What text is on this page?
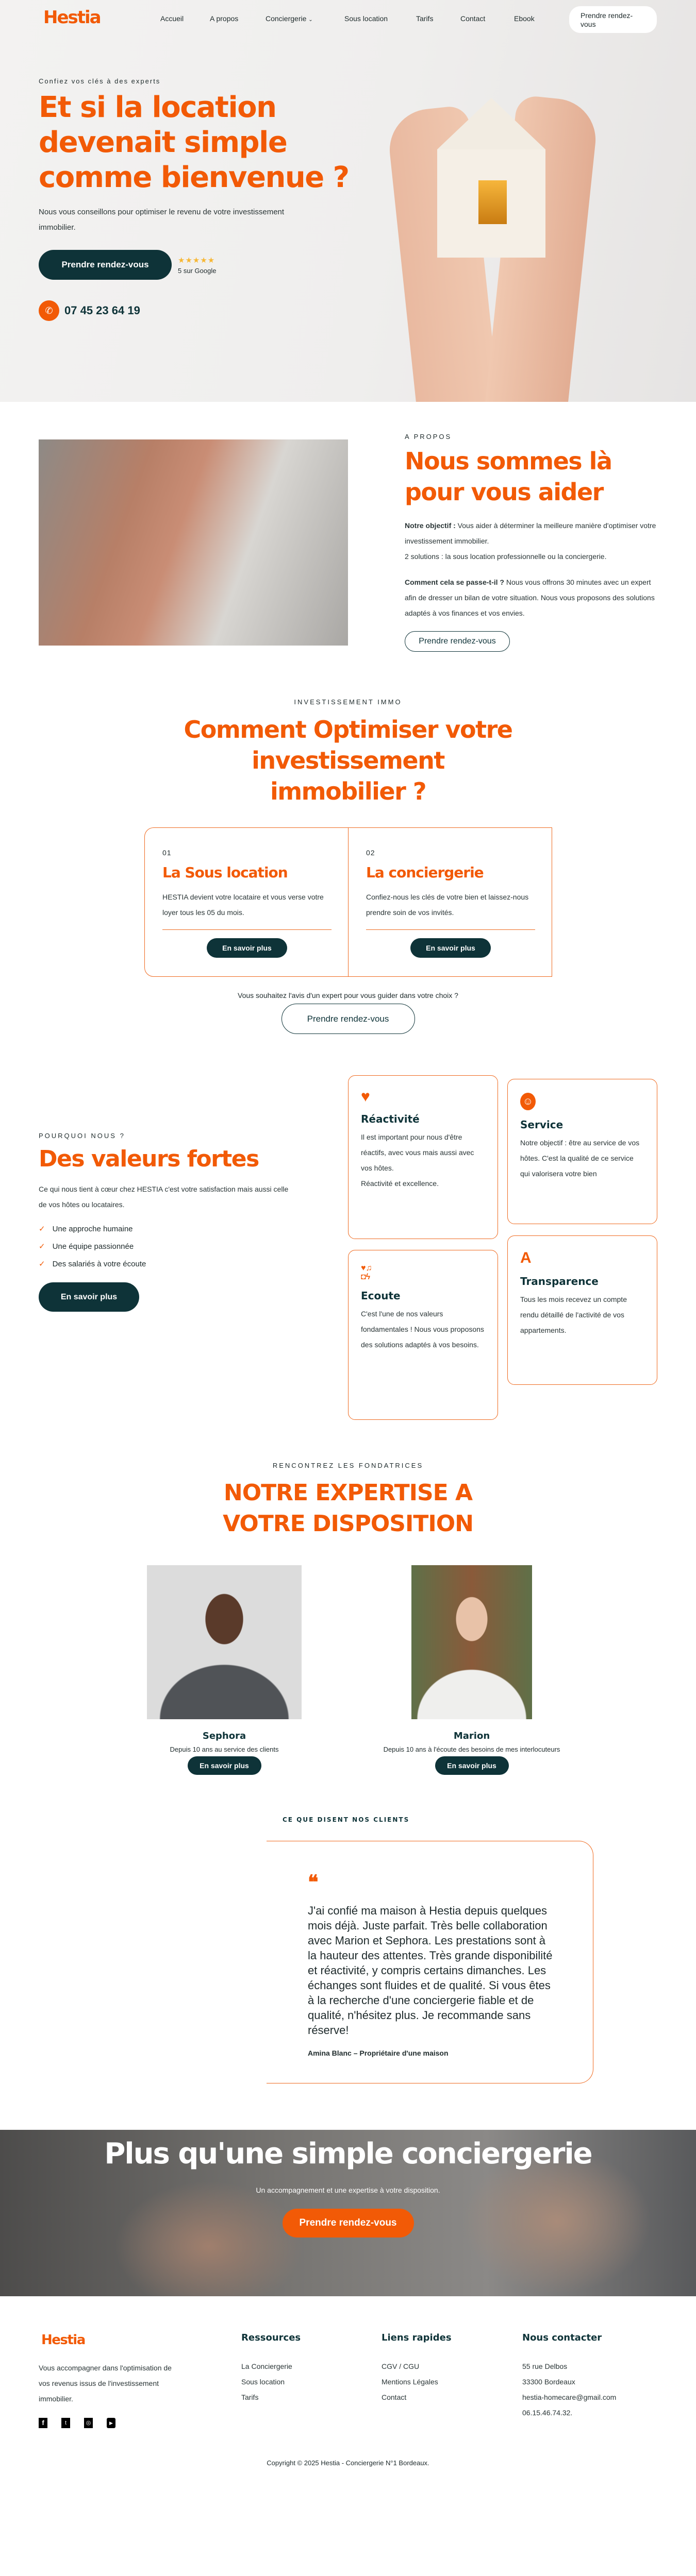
Hestia	Accueil	A propos	Conciergerie ⌄	Sous location	Tarifs	Contact	Ebook	Prendre rendez-vous
Confiez vos clés à des experts
Et si la location devenait simple comme bienvenue ?

Nous vous conseillons pour optimiser le revenu de votre investissement immobilier.

Prendre rendez-vous	★★★★★
5 sur Google
✆	07 45 23 64 19
A PROPOS
Nous sommes là pour vous aider

Notre objectif : Vous aider à déterminer la meilleure manière d'optimiser votre investissement immobilier.
2 solutions : la sous location professionnelle ou la conciergerie.

Comment cela se passe-t-il ? Nous vous offrons 30 minutes avec un expert afin de dresser un bilan de votre situation. Nous vous proposons des solutions adaptés à vos finances et vos envies.

Prendre rendez-vous
INVESTISSEMENT IMMO
Comment Optimiser votre investissement immobilier ?
01
La Sous location

HESTIA devient votre locataire et vous verse votre loyer tous les 05 du mois.

En savoir plus
02
La conciergerie

Confiez-nous les clés de votre bien et laissez-nous prendre soin de vos invités.

En savoir plus
Vous souhaitez l'avis d'un expert pour vous guider dans votre choix ?
Prendre rendez-vous
POURQUOI NOUS ?
Des valeurs fortes

Ce qui nous tient à cœur chez HESTIA c'est votre satisfaction mais aussi celle de vos hôtes ou locataires.

✓ Une approche humaine
✓ Une équipe passionnée
✓ Des salariés à votre écoute
En savoir plus
♥
Réactivité

Il est important pour nous d'être réactifs, avec vous mais aussi avec vos hôtes.

Réactivité et excellence.

☺
Service

Notre objectif : être au service de vos hôtes. C'est la qualité de ce service qui valorisera votre bien

♥♫
◘ϟ
Ecoute

C'est l'une de nos valeurs fondamentales ! Nous vous proposons des solutions adaptés à vos besoins.

A
Transparence

Tous les mois recevez un compte rendu détaillé de l'activité de vos appartements.

RENCONTREZ LES FONDATRICES
NOTRE EXPERTISE A VOTRE DISPOSITION
Sephora
Depuis 10 ans au service des clients
En savoir plus
Marion
Depuis 10 ans à l'écoute des besoins de mes interlocuteurs
En savoir plus
CE QUE DISENT NOS CLIENTS
❝

J'ai confié ma maison à Hestia depuis quelques mois déjà. Juste parfait. Très belle collaboration avec Marion et Sephora. Les prestations sont à la hauteur des attentes. Très grande disponibilité et réactivité, y compris certains dimanches. Les échanges sont fluides et de qualité. Si vous êtes à la recherche d'une conciergerie fiable et de qualité, n'hésitez plus. Je recommande sans réserve!

Amina Blanc – Propriétaire d'une maison
Plus qu'une simple conciergerie
Un accompagnement et une expertise à votre disposition.
Prendre rendez-vous
Hestia

Vous accompagner dans l'optimisation de vos revenus issus de l'investissement immobilier.

f	t	◎	▶
Ressources
La Conciergerie
Sous location
Tarifs
Liens rapides
CGV / CGU
Mentions Légales
Contact
Nous contacter
55 rue Delbos
33300 Bordeaux
hestia-homecare@gmail.com
06.15.46.74.32.
Copyright © 2025 Hestia - Conciergerie N°1 Bordeaux.
